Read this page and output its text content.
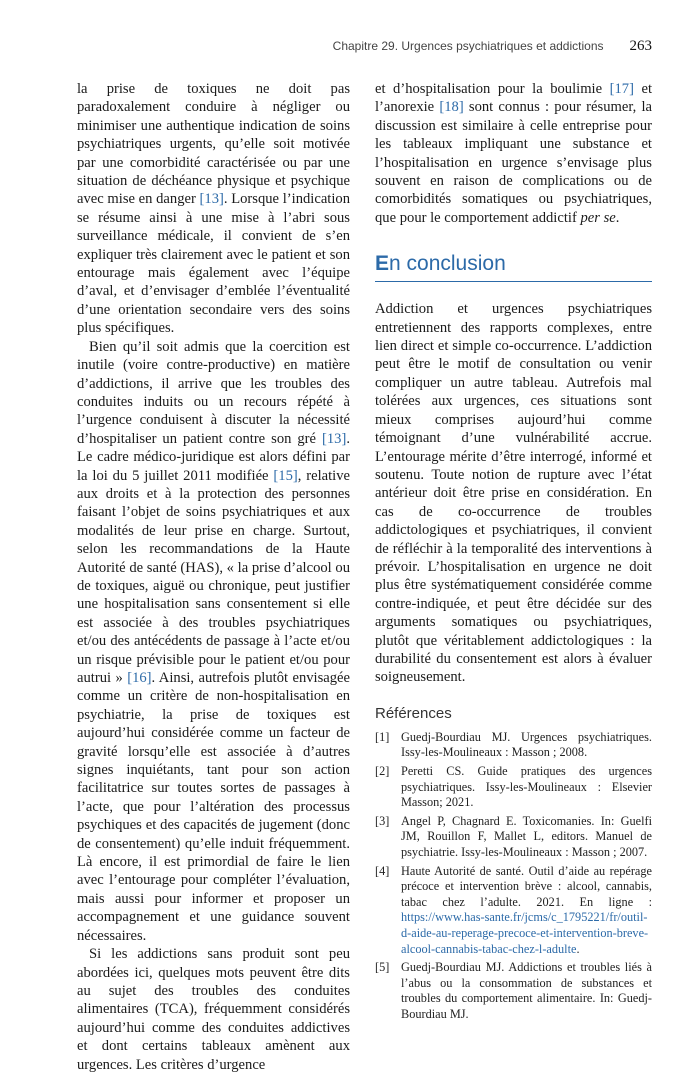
Chapitre 29. Urgences psychiatriques et addictions 263

la prise de toxiques ne doit pas paradoxalement conduire à négliger ou minimiser une authentique indication de soins psychiatriques urgents, qu’elle soit motivée par une comorbidité caractérisée ou par une situation de déchéance physique et psychique avec mise en danger [13]. Lorsque l’indication se résume ainsi à une mise à l’abri sous surveillance médicale, il convient de s’en expliquer très clairement avec le patient et son entourage mais également avec l’équipe d’aval, et d’envisager d’emblée l’éventualité d’une orientation secondaire vers des soins plus spécifiques.

Bien qu’il soit admis que la coercition est inutile (voire contre-productive) en matière d’addictions, il arrive que les troubles des conduites induits ou un recours répété à l’urgence conduisent à discuter la nécessité d’hospitaliser un patient contre son gré [13]. Le cadre médico-juridique est alors défini par la loi du 5 juillet 2011 modifiée [15], relative aux droits et à la protection des personnes faisant l’objet de soins psychiatriques et aux modalités de leur prise en charge. Surtout, selon les recommandations de la Haute Autorité de santé (HAS), « la prise d’alcool ou de toxiques, aiguë ou chronique, peut justifier une hospitalisation sans consentement si elle est associée à des troubles psychiatriques et/ou des antécédents de passage à l’acte et/ou un risque prévisible pour le patient et/ou pour autrui » [16]. Ainsi, autrefois plutôt envisagée comme un critère de non-hospitalisation en psychiatrie, la prise de toxiques est aujourd’hui considérée comme un facteur de gravité lorsqu’elle est associée à d’autres signes inquiétants, tant pour son action facilitatrice sur toutes sortes de passages à l’acte, que pour l’altération des processus psychiques et des capacités de jugement (donc de consentement) qu’elle induit fréquemment. Là encore, il est primordial de faire le lien avec l’entourage pour compléter l’évaluation, mais aussi pour informer et proposer un accompagnement et une guidance souvent nécessaires.

Si les addictions sans produit sont peu abordées ici, quelques mots peuvent être dits au sujet des troubles des conduites alimentaires (TCA), fréquemment considérés aujourd’hui comme des conduites addictives et dont certains tableaux amènent aux urgences. Les critères d’urgence

et d’hospitalisation pour la boulimie [17] et l’anorexie [18] sont connus : pour résumer, la discussion est similaire à celle entreprise pour les tableaux impliquant une substance et l’hospitalisation en urgence s’envisage plus souvent en raison de complications ou de comorbidités somatiques ou psychiatriques, que pour le comportement addictif per se.

En conclusion

Addiction et urgences psychiatriques entretiennent des rapports complexes, entre lien direct et simple co-occurrence. L’addiction peut être le motif de consultation ou venir compliquer un autre tableau. Autrefois mal tolérées aux urgences, ces situations sont mieux comprises aujourd’hui comme témoignant d’une vulnérabilité accrue. L’entourage mérite d’être interrogé, informé et soutenu. Toute notion de rupture avec l’état antérieur doit être prise en considération. En cas de co-occurrence de troubles addictologiques et psychiatriques, il convient de réfléchir à la temporalité des interventions à prévoir. L’hospitalisation en urgence ne doit plus être systématiquement considérée comme contre-indiquée, et peut être décidée sur des arguments somatiques ou psychiatriques, plutôt que véritablement addictologiques : la durabilité du consentement est alors à évaluer soigneusement.

Références
[1] Guedj-Bourdiau MJ. Urgences psychiatriques. Issy-les-Moulineaux : Masson ; 2008.
[2] Peretti CS. Guide pratiques des urgences psychiatriques. Issy-les-Moulineaux : Elsevier Masson; 2021.
[3] Angel P, Chagnard E. Toxicomanies. In: Guelfi JM, Rouillon F, Mallet L, editors. Manuel de psychiatrie. Issy-les-Moulineaux : Masson ; 2007.
[4] Haute Autorité de santé. Outil d’aide au repérage précoce et intervention brève : alcool, cannabis, tabac chez l’adulte. 2021. En ligne : https://www.has-sante.fr/jcms/c_1795221/fr/outil-d-aide-au-reperage-precoce-et-intervention-breve-alcool-cannabis-tabac-chez-l-adulte.
[5] Guedj-Bourdiau MJ. Addictions et troubles liés à l’abus ou la consommation de substances et troubles du comportement alimentaire. In: Guedj-Bourdiau MJ.
